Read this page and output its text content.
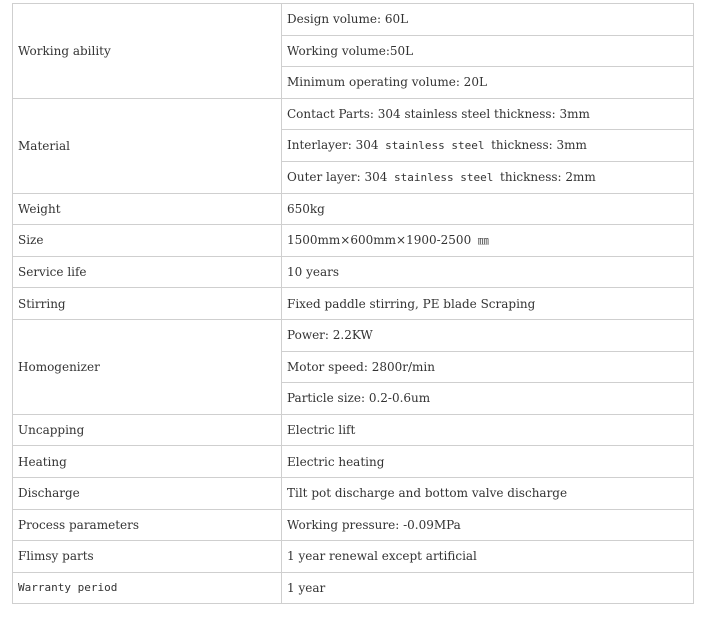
Working ability	Design volume: 60L
	Working volume:50L
	Minimum operating volume: 20L
Material	Contact Parts: 304 stainless steel thickness: 3mm
	Interlayer: 304 stainless steel thickness: 3mm
	Outer layer: 304 stainless steel thickness: 2mm
Weight	650kg
Size	1500mm×600mm×1900-2500 ㎜
Service life	10 years
Stirring	Fixed paddle stirring, PE blade Scraping
Homogenizer	Power: 2.2KW
	Motor speed: 2800r/min
	Particle size: 0.2-0.6um
Uncapping	Electric lift
Heating	Electric heating
Discharge	Tilt pot discharge and bottom valve discharge
Process parameters	Working pressure: -0.09MPa
Flimsy parts	1 year renewal except artificial
Warranty period	1 year
